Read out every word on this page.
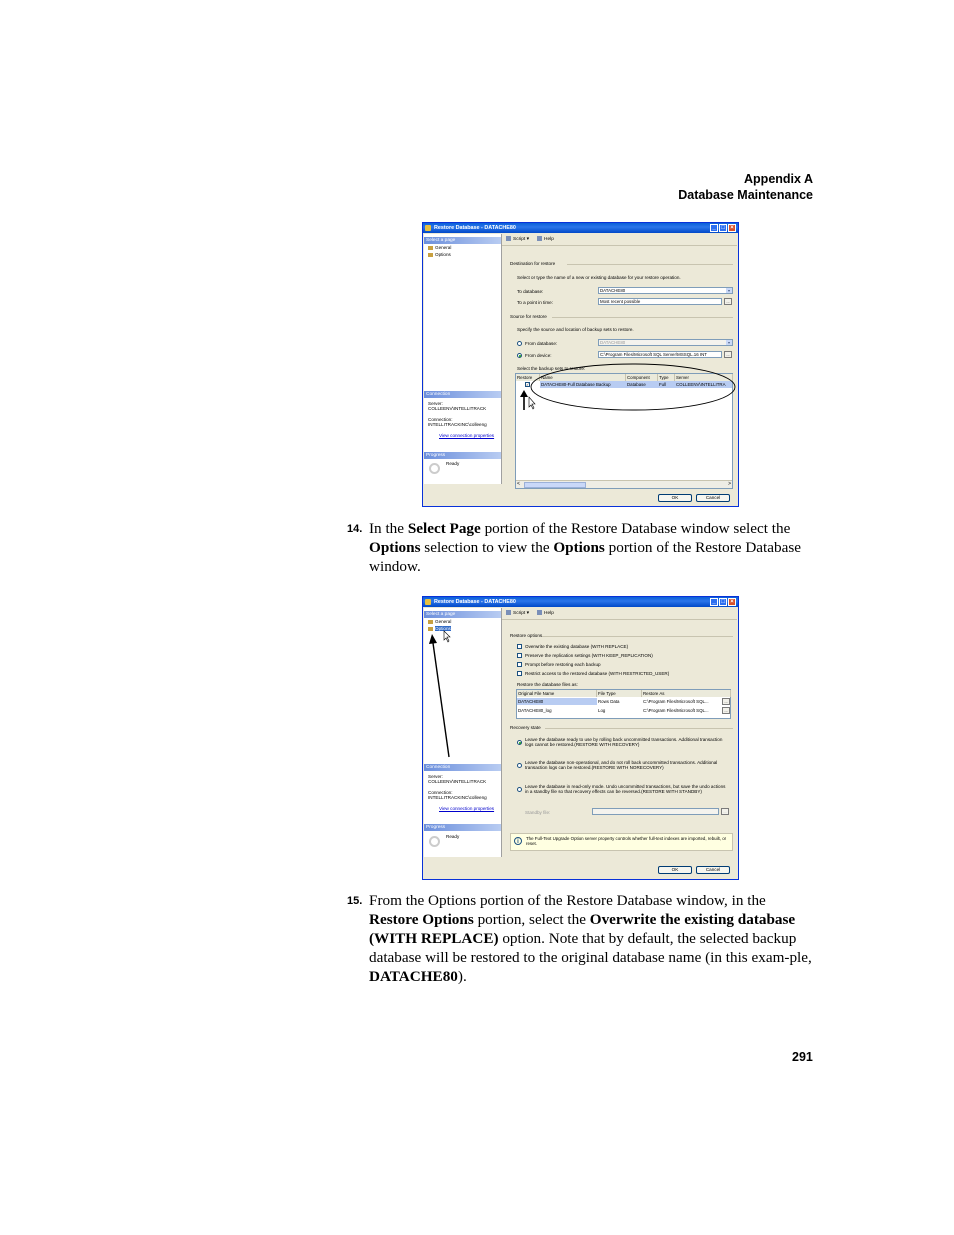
Appendix A
Database Maintenance
Restore Database - DATACHE80	_ □ ×
Select a page
General
Options
Connection
Server:
COLLEENV\INTELLITRACK
Connection:
INTELLITRACKINC\colleeng
View connection properties
Progress
Ready
Script ▾	Help
Destination for restore
Select or type the name of a new or existing database for your restore operation.
To database:	DATACHE80	▾
To a point in time:	Most recent possible	...
Source for restore
Specify the source and location of backup sets to restore.
From database:	DATACHE80	▾
From device:	C:\Program Files\Microsoft SQL Server\MSSQL.16 INT	...
Select the backup sets to restore:
Restore	Name	Component	Type	Server
✓	DATACHE80-Full Database Backup	Database	Full	COLLEENV\INTELLITRA
<	>
OK	Cancel
14. In the Select Page portion of the Restore Database window select the Options selection to view the Options portion of the Restore Database window.
Restore Database - DATACHE80	_ □ ×
Select a page
General
Options
Connection
Server:
COLLEENV\INTELLITRACK
Connection:
INTELLITRACKINC\colleeng
View connection properties
Progress
Ready
Script ▾	Help
Restore options
Overwrite the existing database (WITH REPLACE)
Preserve the replication settings (WITH KEEP_REPLICATION)
Prompt before restoring each backup
Restrict access to the restored database (WITH RESTRICTED_USER)
Restore the database files as:
Original File Name	File Type	Restore As
DATACHE80	Rows Data	C:\Program Files\Microsoft SQL...	...
DATACHE80_log	Log	C:\Program Files\Microsoft SQL...	...
Recovery state
Leave the database ready to use by rolling back uncommitted transactions. Additional transaction logs cannot be restored.(RESTORE WITH RECOVERY)
Leave the database non-operational, and do not roll back uncommitted transactions. Additional transaction logs can be restored.(RESTORE WITH NORECOVERY)
Leave the database in read-only mode. Undo uncommitted transactions, but save the undo actions in a standby file so that recovery effects can be reversed.(RESTORE WITH STANDBY)
Standby file:	...
i
The Full-Text Upgrade Option server property controls whether full-text indexes are imported, rebuilt, or reset.
OK	Cancel
15. From the Options portion of the Restore Database window, in the Restore Options portion, select the Overwrite the existing database (WITH REPLACE) option. Note that by default, the selected backup database will be restored to the original database name (in this exam-ple, DATACHE80).
291
